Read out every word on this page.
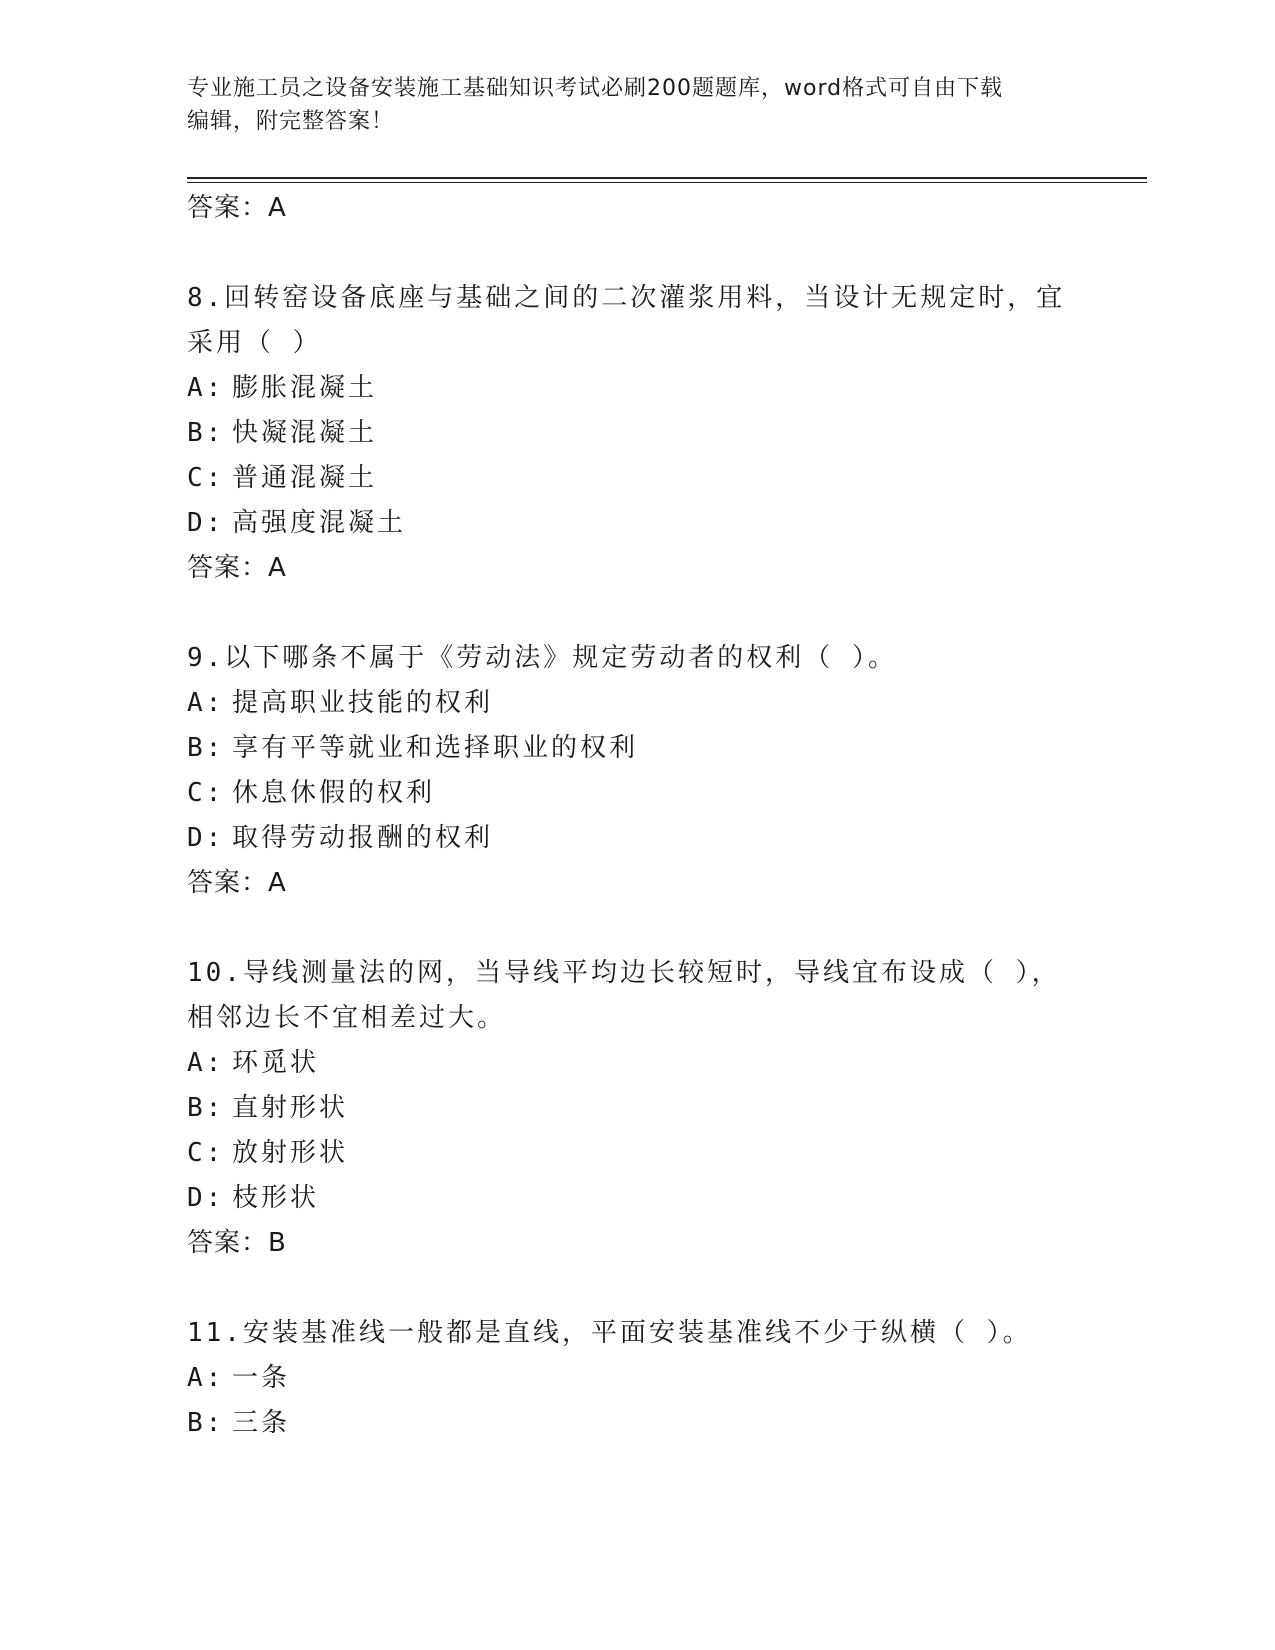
专业施工员之设备安装施工基础知识考试必刷200题题库，word格式可自由下载
编辑，附完整答案！
答案：A
8.回转窑设备底座与基础之间的二次灌浆用料，当设计无规定时，宜
采用（ ）
A: 膨胀混凝土
B: 快凝混凝土
C: 普通混凝土
D: 高强度混凝土
答案：A
9.以下哪条不属于《劳动法》规定劳动者的权利（ ）。
A: 提高职业技能的权利
B: 享有平等就业和选择职业的权利
C: 休息休假的权利
D: 取得劳动报酬的权利
答案：A
10.导线测量法的网，当导线平均边长较短时，导线宜布设成（ ），
相邻边长不宜相差过大。
A: 环觅状
B: 直射形状
C: 放射形状
D: 枝形状
答案：B
11.安装基准线一般都是直线，平面安装基准线不少于纵横（ ）。
A: 一条
B: 三条
